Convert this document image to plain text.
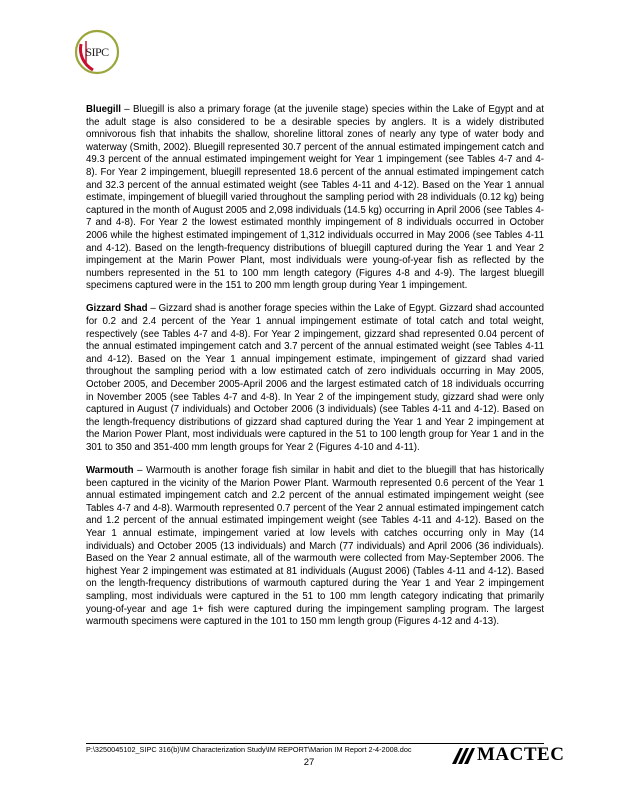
SIPC

Bluegill – Bluegill is also a primary forage (at the juvenile stage) species within the Lake of Egypt and at the adult stage is also considered to be a desirable species by anglers. It is a widely distributed omnivorous fish that inhabits the shallow, shoreline littoral zones of nearly any type of water body and waterway (Smith, 2002). Bluegill represented 30.7 percent of the annual estimated impingement catch and 49.3 percent of the annual estimated impingement weight for Year 1 impingement (see Tables 4-7 and 4-8). For Year 2 impingement, bluegill represented 18.6 percent of the annual estimated impingement catch and 32.3 percent of the annual estimated weight (see Tables 4-11 and 4-12). Based on the Year 1 annual estimate, impingement of bluegill varied throughout the sampling period with 28 individuals (0.12 kg) being captured in the month of August 2005 and 2,098 individuals (14.5 kg) occurring in April 2006 (see Tables 4-7 and 4-8). For Year 2 the lowest estimated monthly impingement of 8 individuals occurred in October 2006 while the highest estimated impingement of 1,312 individuals occurred in May 2006 (see Tables 4-11 and 4-12). Based on the length-frequency distributions of bluegill captured during the Year 1 and Year 2 impingement at the Marin Power Plant, most individuals were young-of-year fish as reflected by the numbers represented in the 51 to 100 mm length category (Figures 4-8 and 4-9). The largest bluegill specimens captured were in the 151 to 200 mm length group during Year 1 impingement.

Gizzard Shad – Gizzard shad is another forage species within the Lake of Egypt. Gizzard shad accounted for 0.2 and 2.4 percent of the Year 1 annual impingement estimate of total catch and total weight, respectively (see Tables 4-7 and 4-8). For Year 2 impingement, gizzard shad represented 0.04 percent of the annual estimated impingement catch and 3.7 percent of the annual estimated weight (see Tables 4-11 and 4-12). Based on the Year 1 annual impingement estimate, impingement of gizzard shad varied throughout the sampling period with a low estimated catch of zero individuals occurring in May 2005, October 2005, and December 2005-April 2006 and the largest estimated catch of 18 individuals occurring in November 2005 (see Tables 4-7 and 4-8). In Year 2 of the impingement study, gizzard shad were only captured in August (7 individuals) and October 2006 (3 individuals) (see Tables 4-11 and 4-12). Based on the length-frequency distributions of gizzard shad captured during the Year 1 and Year 2 impingement at the Marion Power Plant, most individuals were captured in the 51 to 100 length group for Year 1 and in the 301 to 350 and 351-400 mm length groups for Year 2 (Figures 4-10 and 4-11).

Warmouth – Warmouth is another forage fish similar in habit and diet to the bluegill that has historically been captured in the vicinity of the Marion Power Plant. Warmouth represented 0.6 percent of the Year 1 annual estimated impingement catch and 2.2 percent of the annual estimated impingement weight (see Tables 4-7 and 4-8). Warmouth represented 0.7 percent of the Year 2 annual estimated impingement catch and 1.2 percent of the annual estimated impingement weight (see Tables 4-11 and 4-12). Based on the Year 1 annual estimate, impingement varied at low levels with catches occurring only in May (14 individuals) and October 2005 (13 individuals) and March (77 individuals) and April 2006 (36 individuals). Based on the Year 2 annual estimate, all of the warmouth were collected from May-September 2006. The highest Year 2 impingement was estimated at 81 individuals (August 2006) (Tables 4-11 and 4-12). Based on the length-frequency distributions of warmouth captured during the Year 1 and Year 2 impingement sampling, most individuals were captured in the 51 to 100 mm length category indicating that primarily young-of-year and age 1+ fish were captured during the impingement sampling program. The largest warmouth specimens were captured in the 101 to 150 mm length group (Figures 4-12 and 4-13).

P:\3250045102_SIPC 316(b)\IM Characterization Study\IM REPORT\Marion IM Report 2-4-2008.doc
27	MACTEC
